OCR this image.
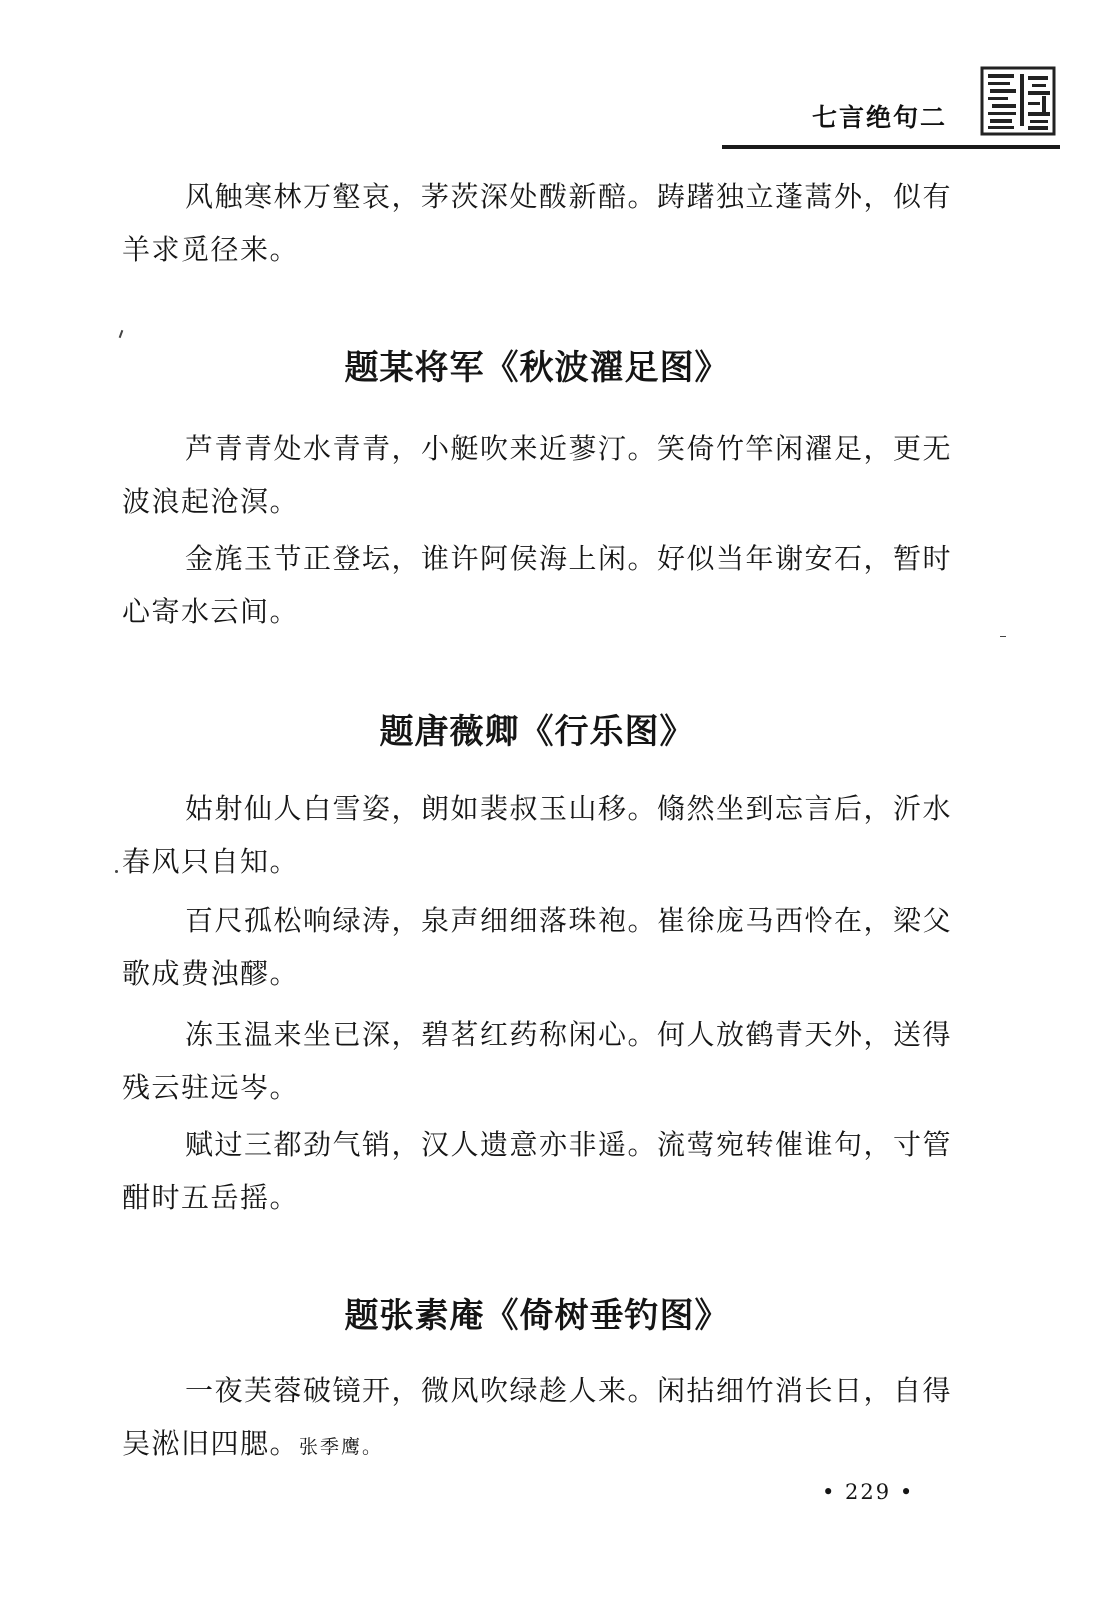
七言绝句二

风触寒林万壑哀，茅茨深处酦新醅。踌躇独立蓬蒿外，似有羊求觅径来。

题某将军《秋波濯足图》

芦青青处水青青，小艇吹来近蓼汀。笑倚竹竿闲濯足，更无波浪起沧溟。

金旄玉节正登坛，谁许阿侯海上闲。好似当年谢安石，暂时心寄水云间。

题唐薇卿《行乐图》

姑射仙人白雪姿，朗如裴叔玉山移。翛然坐到忘言后，沂水春风只自知。

百尺孤松响绿涛，泉声细细落珠袍。崔徐庞马西怜在，梁父歌成费浊醪。

冻玉温来坐已深，碧茗红药称闲心。何人放鹤青天外，送得残云驻远岑。

赋过三都劲气销，汉人遗意亦非遥。流莺宛转催谁句，寸管酣时五岳摇。

题张素庵《倚树垂钓图》

一夜芙蓉破镜开，微风吹绿趁人来。闲拈细竹消长日，自得吴淞旧四腮。张季鹰。

• 229 •
